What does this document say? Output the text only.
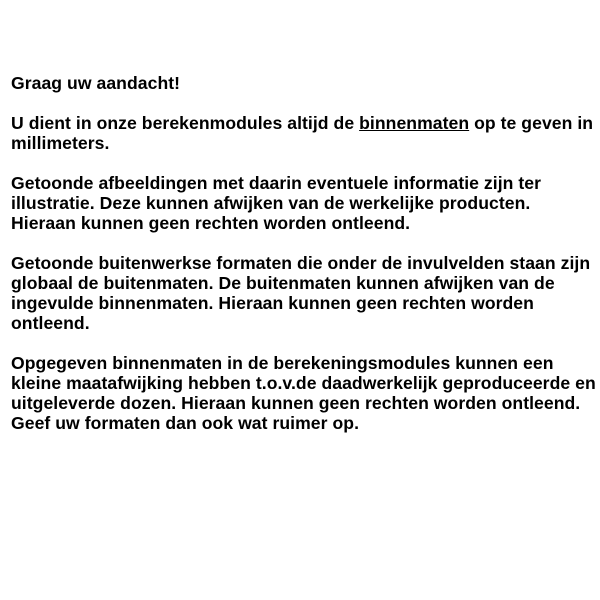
Graag uw aandacht!

U dient in onze berekenmodules altijd de binnenmaten op te geven in millimeters.

Getoonde afbeeldingen met daarin eventuele informatie zijn ter illustratie. Deze kunnen afwijken van de werkelijke producten. Hieraan kunnen geen rechten worden ontleend.

Getoonde buitenwerkse formaten die onder de invulvelden staan zijn globaal de buitenmaten. De buitenmaten kunnen afwijken van de ingevulde binnenmaten. Hieraan kunnen geen rechten worden ontleend.

Opgegeven binnenmaten in de berekeningsmodules kunnen een kleine maatafwijking hebben t.o.v.de daadwerkelijk geproduceerde en uitgeleverde dozen. Hieraan kunnen geen rechten worden ontleend. Geef uw formaten dan ook wat ruimer op.
